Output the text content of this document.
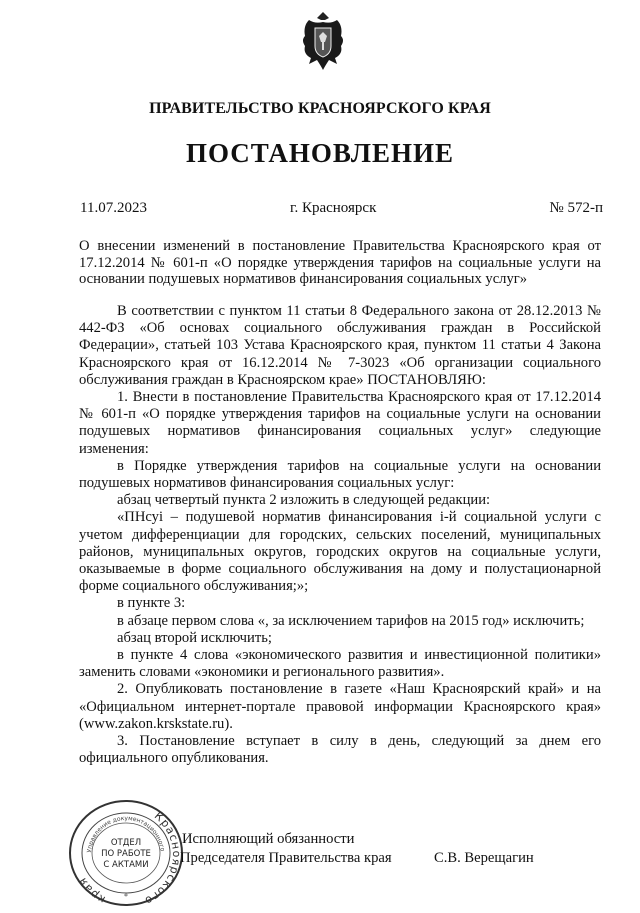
ПРАВИТЕЛЬСТВО КРАСНОЯРСКОГО КРАЯ
ПОСТАНОВЛЕНИЕ
11.07.2023	г. Красноярск	№ 572-п

О внесении изменений в постановление Правительства Красноярского края от 17.12.2014 № 601-п «О порядке утверждения тарифов на социальные услуги на основании подушевых нормативов финансирования социальных услуг»

В соответствии с пунктом 11 статьи 8 Федерального закона от 28.12.2013 № 442-ФЗ «Об основах социального обслуживания граждан в Российской Федерации», статьей 103 Устава Красноярского края, пунктом 11 статьи 4 Закона Красноярского края от 16.12.2014 № 7-3023 «Об организации социального обслуживания граждан в Красноярском крае» ПОСТАНОВЛЯЮ:

1. Внести в постановление Правительства Красноярского края от 17.12.2014 № 601-п «О порядке утверждения тарифов на социальные услуги на основании подушевых нормативов финансирования социальных услуг» следующие изменения:

в Порядке утверждения тарифов на социальные услуги на основании подушевых нормативов финансирования социальных услуг:

абзац четвертый пункта 2 изложить в следующей редакции:

«ПНсуi – подушевой норматив финансирования i-й социальной услуги с учетом дифференциации для городских, сельских поселений, муниципальных районов, муниципальных округов, городских округов на социальные услуги, оказываемые в форме социального обслуживания на дому и полустационарной форме социального обслуживания;»;

в пункте 3:

в абзаце первом слова «, за исключением тарифов на 2015 год» исключить;

абзац второй исключить;

в пункте 4 слова «экономического развития и инвестиционной политики» заменить словами «экономики и регионального развития».

2. Опубликовать постановление в газете «Наш Красноярский край» и на «Официальном интернет-портале правовой информации Красноярского края» (www.zakon.krskstate.ru).

3. Постановление вступает в силу в день, следующий за днем его официального опубликования.

Красноярского
края
Управление документационного
ОТДЕЛ
ПО РАБОТЕ
С АКТАМИ
*
Исполняющий обязанности
Председателя Правительства края	С.В. Верещагин
